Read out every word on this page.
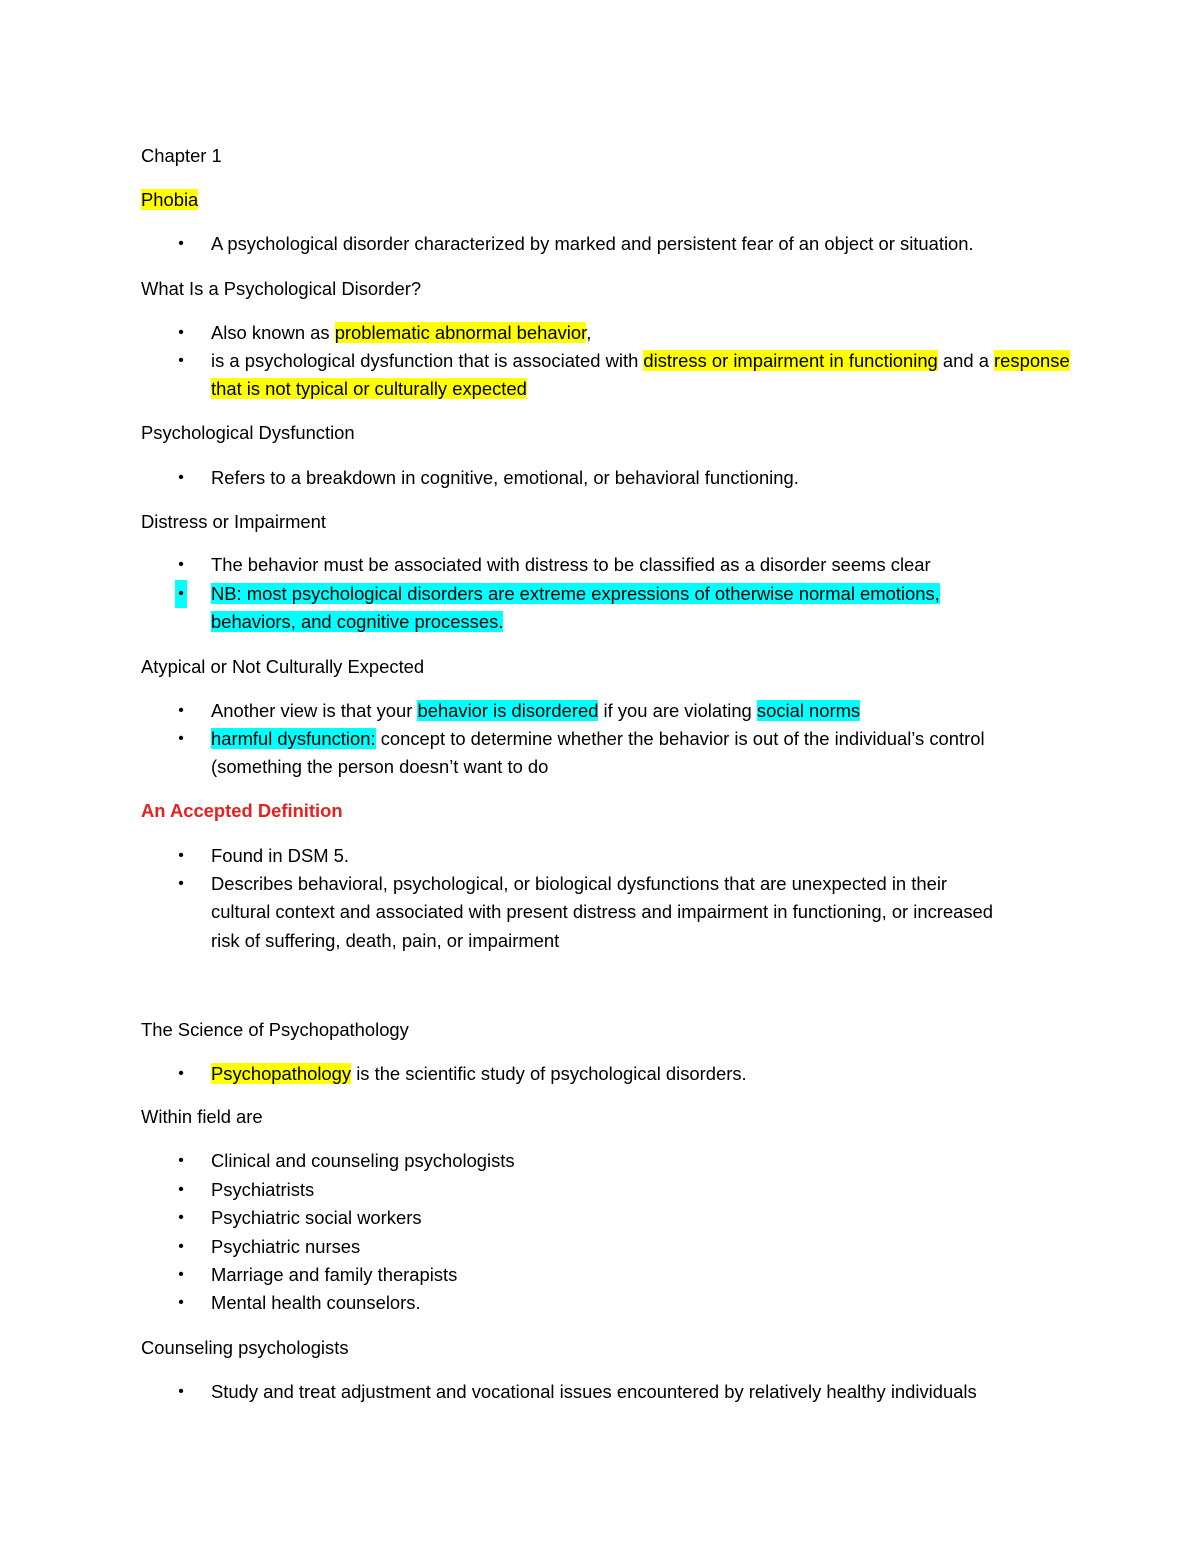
Chapter 1
Phobia
• A psychological disorder characterized by marked and persistent fear of an object or situation.
What Is a Psychological Disorder?
• Also known as problematic abnormal behavior,
• is a psychological dysfunction that is associated with distress or impairment in functioning and a response that is not typical or culturally expected
Psychological Dysfunction
• Refers to a breakdown in cognitive, emotional, or behavioral functioning.
Distress or Impairment
• The behavior must be associated with distress to be classified as a disorder seems clear
• NB: most psychological disorders are extreme expressions of otherwise normal emotions, behaviors, and cognitive processes.
Atypical or Not Culturally Expected
• Another view is that your behavior is disordered if you are violating social norms
• harmful dysfunction: concept to determine whether the behavior is out of the individual’s control (something the person doesn’t want to do
An Accepted Definition
• Found in DSM 5.
• Describes behavioral, psychological, or biological dysfunctions that are unexpected in their cultural context and associated with present distress and impairment in functioning, or increased risk of suffering, death, pain, or impairment
The Science of Psychopathology
• Psychopathology is the scientific study of psychological disorders.
Within field are
• Clinical and counseling psychologists
• Psychiatrists
• Psychiatric social workers
• Psychiatric nurses
• Marriage and family therapists
• Mental health counselors.
Counseling psychologists
• Study and treat adjustment and vocational issues encountered by relatively healthy individuals
